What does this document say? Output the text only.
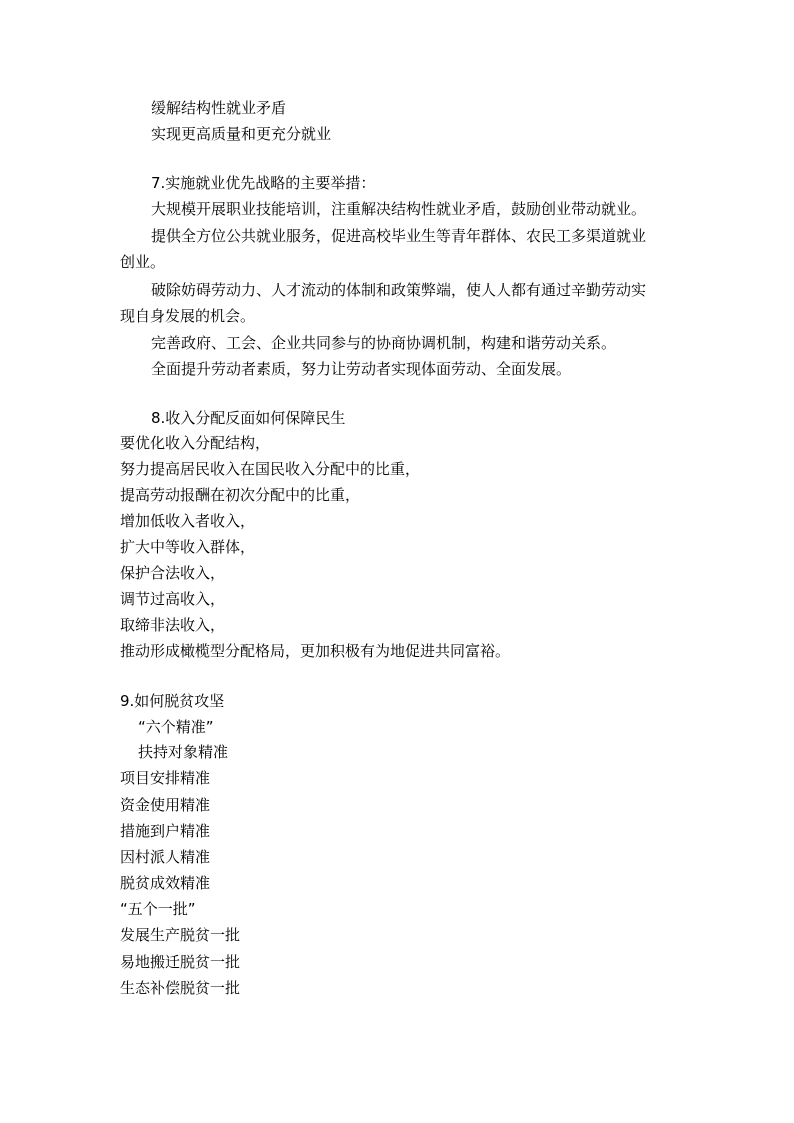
缓解结构性就业矛盾
实现更高质量和更充分就业
7.实施就业优先战略的主要举措：
大规模开展职业技能培训，注重解决结构性就业矛盾，鼓励创业带动就业。
提供全方位公共就业服务，促进高校毕业生等青年群体、农民工多渠道就业
创业。
破除妨碍劳动力、人才流动的体制和政策弊端，使人人都有通过辛勤劳动实
现自身发展的机会。
完善政府、工会、企业共同参与的协商协调机制，构建和谐劳动关系。
全面提升劳动者素质，努力让劳动者实现体面劳动、全面发展。
8.收入分配反面如何保障民生
要优化收入分配结构，
努力提高居民收入在国民收入分配中的比重，
提高劳动报酬在初次分配中的比重，
增加低收入者收入，
扩大中等收入群体，
保护合法收入，
调节过高收入，
取缔非法收入，
推动形成橄榄型分配格局，更加积极有为地促进共同富裕。
9.如何脱贫攻坚
“六个精准”
扶持对象精准
项目安排精准
资金使用精准
措施到户精准
因村派人精准
脱贫成效精准
“五个一批”
发展生产脱贫一批
易地搬迁脱贫一批
生态补偿脱贫一批
